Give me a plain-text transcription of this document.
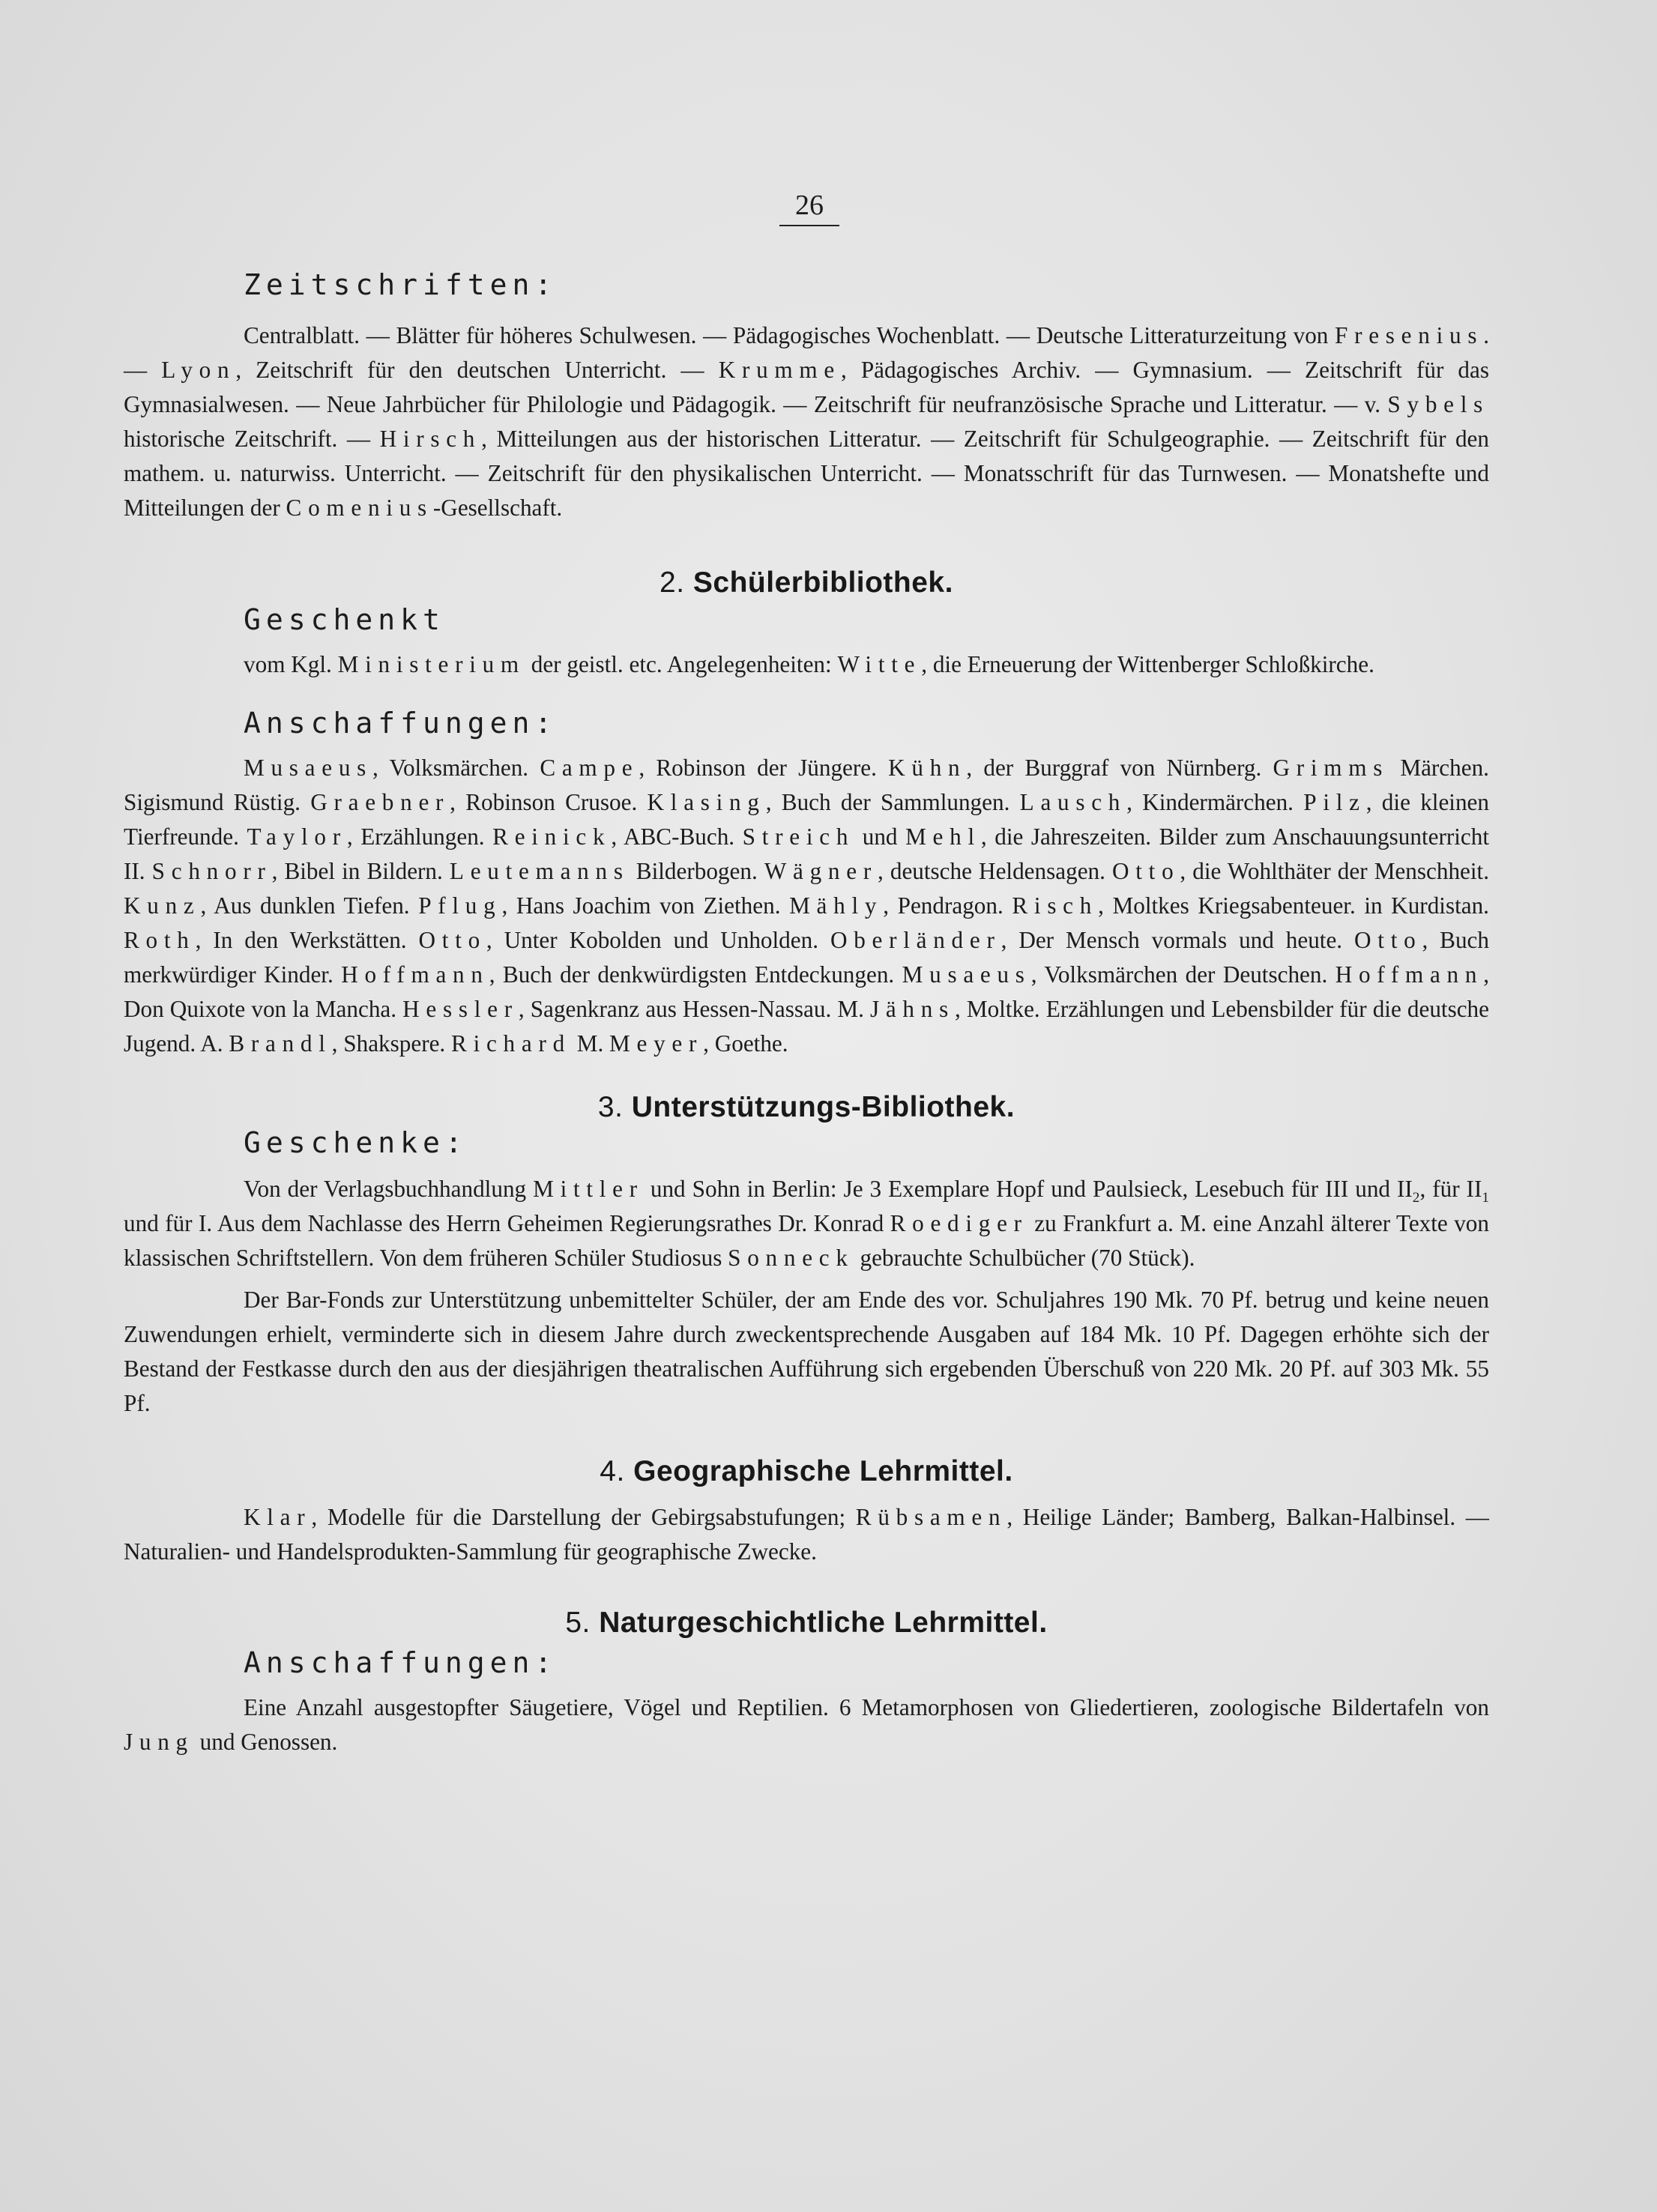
26
Zeitschriften:

Centralblatt. — Blätter für höheres Schulwesen. — Pädagogisches Wochenblatt. — Deutsche Litteraturzeitung von Fresenius. — Lyon, Zeitschrift für den deutschen Unterricht. — Krumme, Pädagogisches Archiv. — Gymnasium. — Zeitschrift für das Gymnasialwesen. — Neue Jahrbücher für Philologie und Pädagogik. — Zeitschrift für neufranzösische Sprache und Litteratur. — v. Sybels historische Zeitschrift. — Hirsch, Mitteilungen aus der historischen Litteratur. — Zeitschrift für Schulgeographie. — Zeitschrift für den mathem. u. naturwiss. Unterricht. — Zeitschrift für den physikalischen Unterricht. — Monatsschrift für das Turnwesen. — Monatshefte und Mitteilungen der Comenius-Gesellschaft.

2. Schülerbibliothek.
Geschenkt

vom Kgl. Ministerium der geistl. etc. Angelegenheiten: Witte, die Erneuerung der Wittenberger Schloßkirche.

Anschaffungen:

Musaeus, Volksmärchen. Campe, Robinson der Jüngere. Kühn, der Burggraf von Nürnberg. Grimms Märchen. Sigismund Rüstig. Graebner, Robinson Crusoe. Klasing, Buch der Sammlungen. Lausch, Kindermärchen. Pilz, die kleinen Tierfreunde. Taylor, Erzählungen. Reinick, ABC-Buch. Streich und Mehl, die Jahreszeiten. Bilder zum Anschauungsunterricht II. Schnorr, Bibel in Bildern. Leutemanns Bilderbogen. Wägner, deutsche Heldensagen. Otto, die Wohlthäter der Menschheit. Kunz, Aus dunklen Tiefen. Pflug, Hans Joachim von Ziethen. Mähly, Pendragon. Risch, Moltkes Kriegsabenteuer. in Kurdistan. Roth, In den Werkstätten. Otto, Unter Kobolden und Unholden. Oberländer, Der Mensch vormals und heute. Otto, Buch merkwürdiger Kinder. Hoffmann, Buch der denkwürdigsten Entdeckungen. Musaeus, Volksmärchen der Deutschen. Hoffmann, Don Quixote von la Mancha. Hessler, Sagenkranz aus Hessen-Nassau. M. Jähns, Moltke. Erzählungen und Lebensbilder für die deutsche Jugend. A. Brandl, Shakspere. Richard M. Meyer, Goethe.

3. Unterstützungs-Bibliothek.
Geschenke:

Von der Verlagsbuchhandlung Mittler und Sohn in Berlin: Je 3 Exemplare Hopf und Paulsieck, Lesebuch für III und $II_2$, für $II_1$ und für I. Aus dem Nachlasse des Herrn Geheimen Regierungsrathes Dr. Konrad Roediger zu Frankfurt a. M. eine Anzahl älterer Texte von klassischen Schriftstellern. Von dem früheren Schüler Studiosus Sonneck gebrauchte Schulbücher (70 Stück).

Der Bar-Fonds zur Unterstützung unbemittelter Schüler, der am Ende des vor. Schuljahres 190 Mk. 70 Pf. betrug und keine neuen Zuwendungen erhielt, verminderte sich in diesem Jahre durch zweckentsprechende Ausgaben auf 184 Mk. 10 Pf. Dagegen erhöhte sich der Bestand der Festkasse durch den aus der diesjährigen theatralischen Aufführung sich ergebenden Überschuß von 220 Mk. 20 Pf. auf 303 Mk. 55 Pf.

4. Geographische Lehrmittel.

Klar, Modelle für die Darstellung der Gebirgsabstufungen; Rübsamen, Heilige Länder; Bamberg, Balkan-Halbinsel. — Naturalien- und Handelsprodukten-Sammlung für geographische Zwecke.

5. Naturgeschichtliche Lehrmittel.
Anschaffungen:

Eine Anzahl ausgestopfter Säugetiere, Vögel und Reptilien. 6 Metamorphosen von Gliedertieren, zoologische Bildertafeln von Jung und Genossen.
